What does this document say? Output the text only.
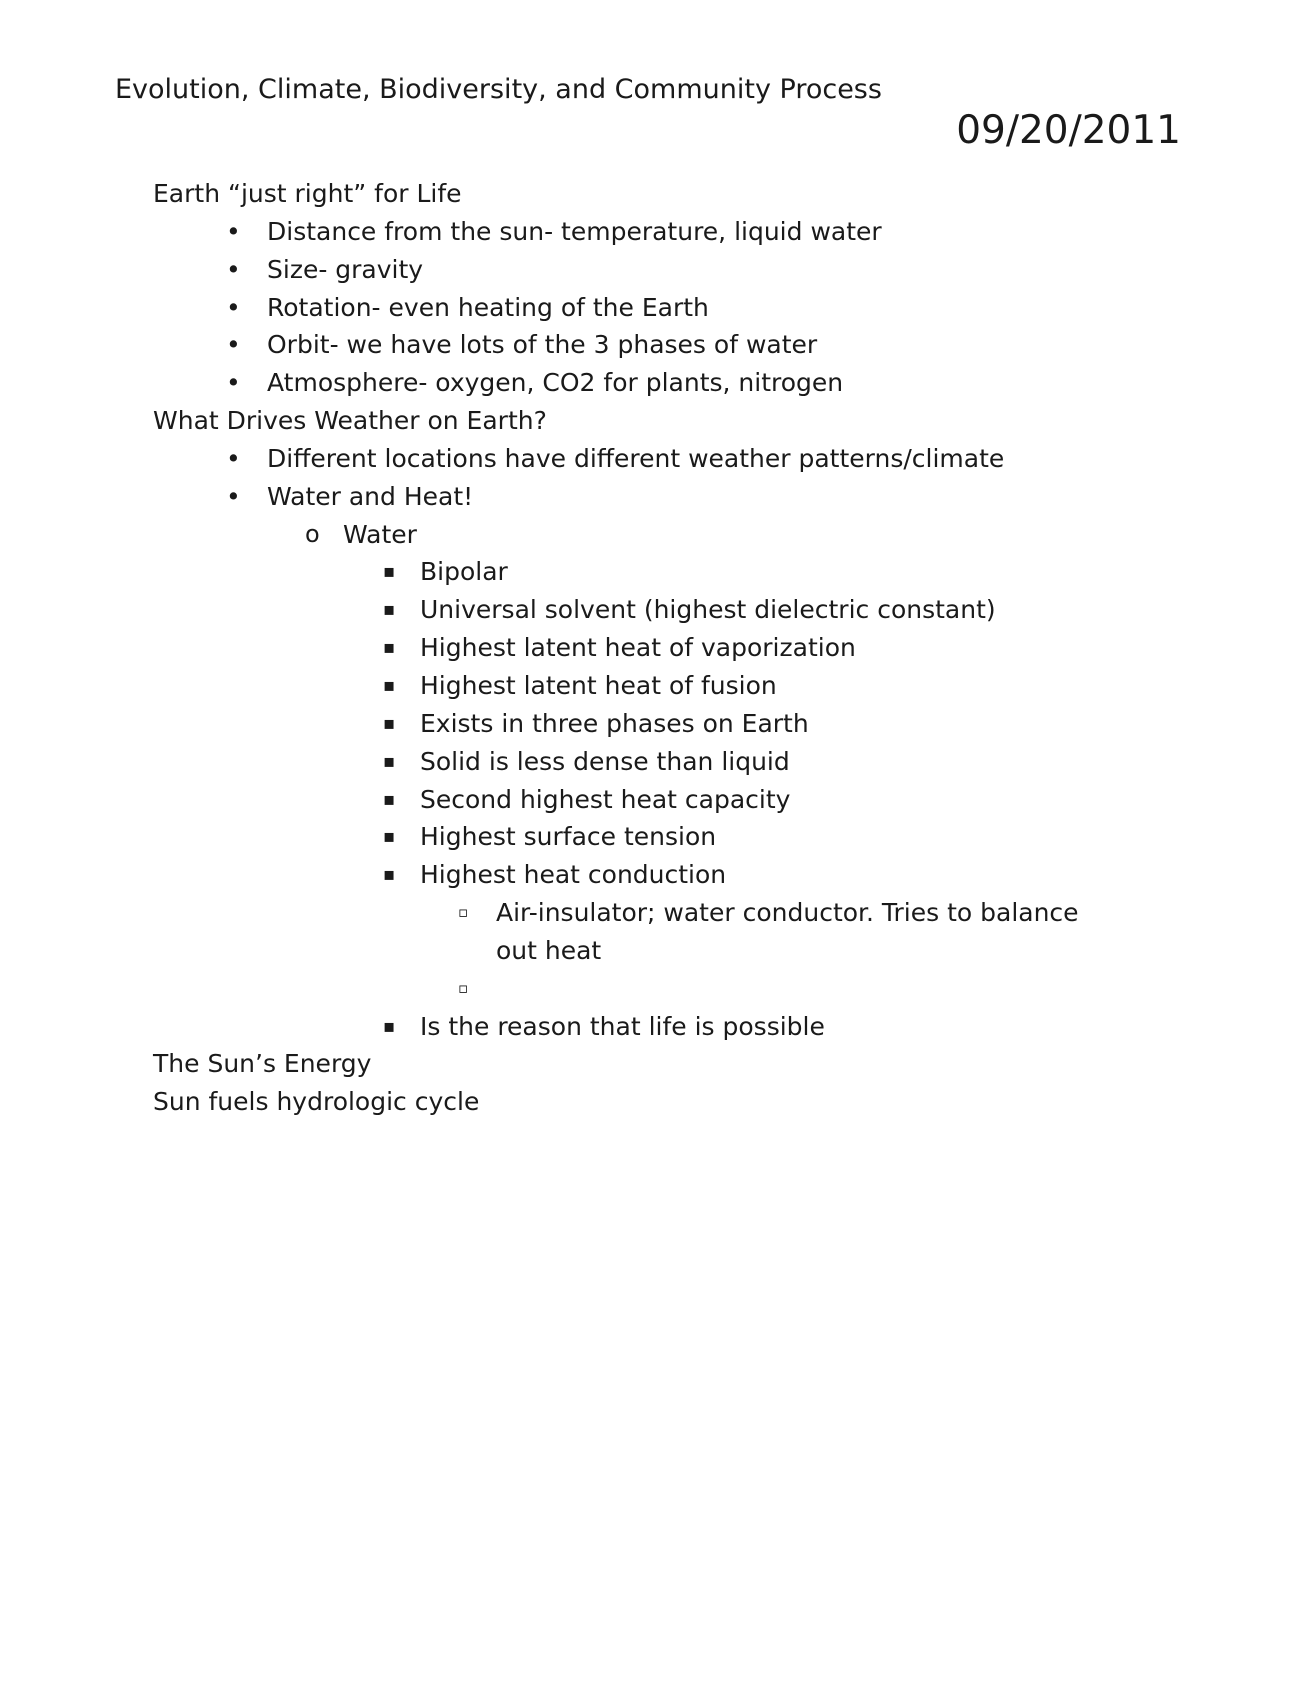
Evolution, Climate, Biodiversity, and Community Process
09/20/2011
Earth “just right” for Life
• Distance from the sun- temperature, liquid water
• Size- gravity
• Rotation- even heating of the Earth
• Orbit- we have lots of the 3 phases of water
• Atmosphere- oxygen, CO2 for plants, nitrogen
What Drives Weather on Earth?
• Different locations have different weather patterns/climate
• Water and Heat!
o Water
▪ Bipolar
▪ Universal solvent (highest dielectric constant)
▪ Highest latent heat of vaporization
▪ Highest latent heat of fusion
▪ Exists in three phases on Earth
▪ Solid is less dense than liquid
▪ Second highest heat capacity
▪ Highest surface tension
▪ Highest heat conduction
▫ Air-insulator; water conductor. Tries to balance
out heat
▫
▪ Is the reason that life is possible
The Sun’s Energy
Sun fuels hydrologic cycle
